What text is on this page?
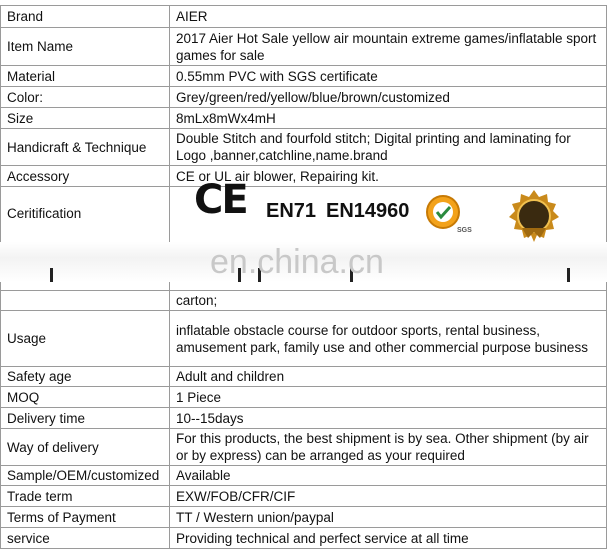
Brand	AIER
Item Name	2017 Aier Hot Sale yellow air mountain extreme games/inflatable sport games for sale
Material	0.55mm PVC with SGS certificate
Color:	Grey/green/red/yellow/blue/brown/customized
Size	8mLx8mWx4mH
Handicraft & Technique	Double Stitch and fourfold stitch; Digital printing and laminating for Logo ,banner,catchline,name.brand
Accessory	CE or UL air blower, Repairing kit.
Ceritification	CE EN71 EN14960
SGS

	carton;
Usage	inflatable obstacle course for outdoor sports, rental business, amusement park, family use and other commercial purpose business
Safety age	Adult and children
MOQ	1 Piece
Delivery time	10--15days
Way of delivery	For this products, the best shipment is by sea. Other shipment (by air or by express) can be arranged as your required
Sample/OEM/customized	Available
Trade term	EXW/FOB/CFR/CIF
Terms of Payment	TT / Western union/paypal
service	Providing technical and perfect service at all time
en.china.cn
